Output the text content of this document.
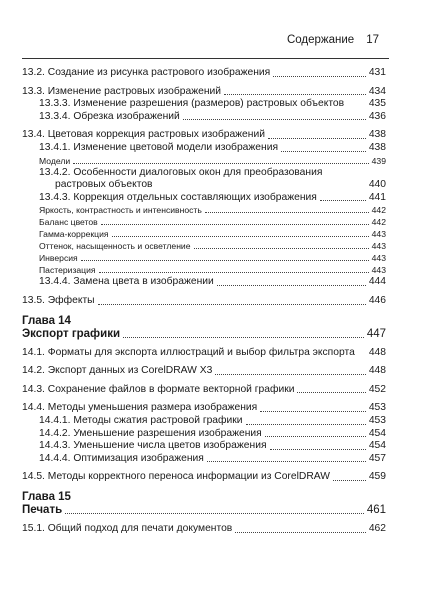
Содержание 17
13.2. Создание из рисунка растрового изображения	431
13.3. Изменение растровых изображений	434
13.3.3. Изменение разрешения (размеров) растровых объектов	435
13.3.4. Обрезка изображений	436
13.4. Цветовая коррекция растровых изображений	438
13.4.1. Изменение цветовой модели изображения	438
Модели	439
13.4.2. Особенности диалоговых окон для преобразования растровых объектов	440
13.4.3. Коррекция отдельных составляющих изображения	441
Яркость, контрастность и интенсивность	442
Баланс цветов	442
Гамма-коррекция	443
Оттенок, насыщенность и осветление	443
Инверсия	443
Пастеризация	443
13.4.4. Замена цвета в изображении	444
13.5. Эффекты	446
Глава 14
Экспорт графики	447
14.1. Форматы для экспорта иллюстраций и выбор фильтра экспорта	448
14.2. Экспорт данных из CorelDRAW X3	448
14.3. Сохранение файлов в формате векторной графики	452
14.4. Методы уменьшения размера изображения	453
14.4.1. Методы сжатия растровой графики	453
14.4.2. Уменьшение разрешения изображения	454
14.4.3. Уменьшение числа цветов изображения	454
14.4.4. Оптимизация изображения	457
14.5. Методы корректного переноса информации из CorelDRAW	459
Глава 15
Печать	461
15.1. Общий подход для печати документов	462
